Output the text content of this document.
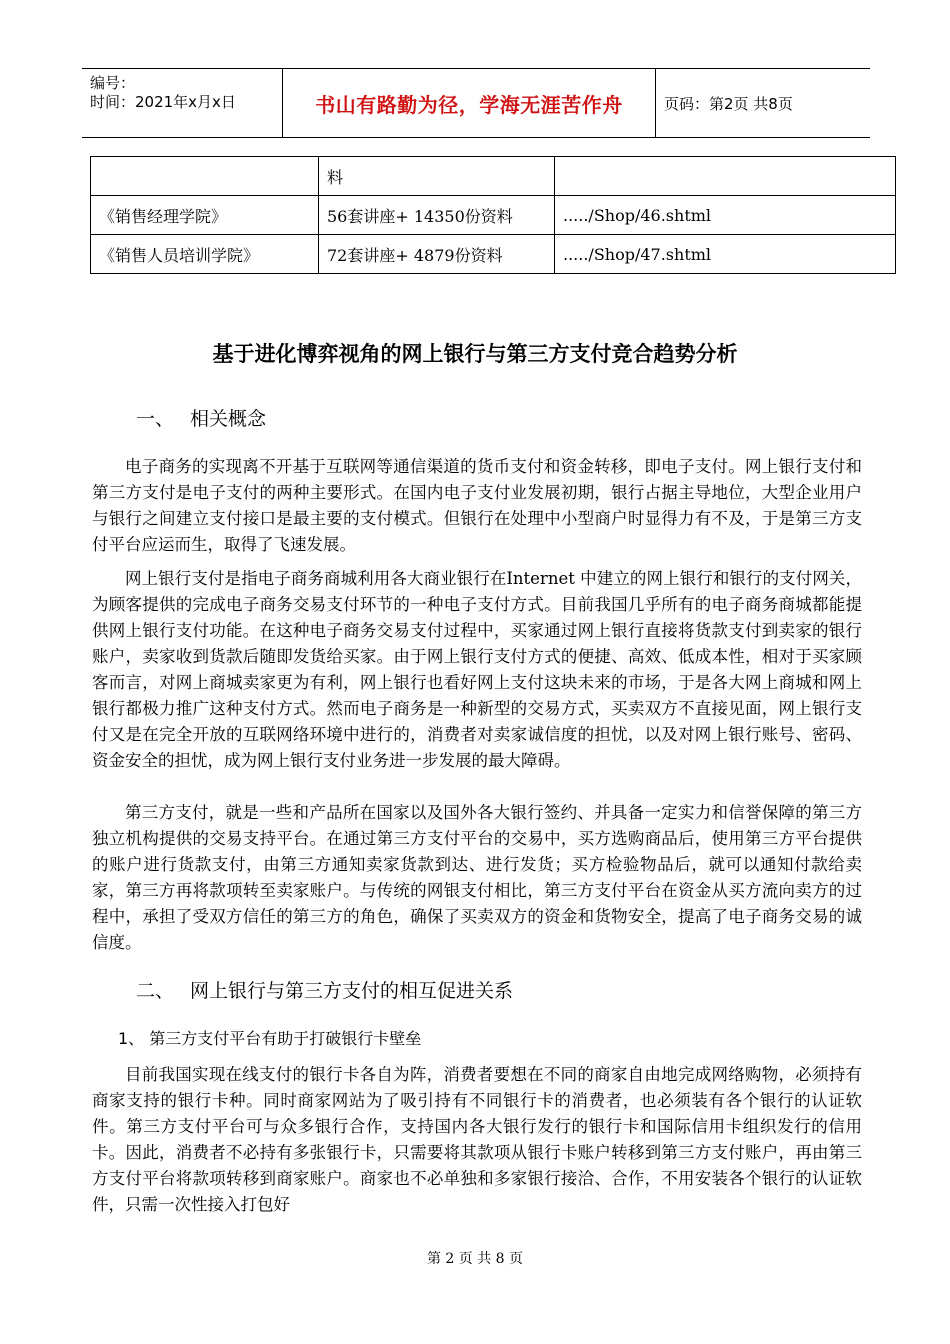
编号：
时间：2021年x月x日	书山有路勤为径，学海无涯苦作舟	页码：第2页 共8页
	料	
《销售经理学院》	56套讲座+ 14350份资料	...../Shop/46.shtml
《销售人员培训学院》	72套讲座+ 4879份资料	...../Shop/47.shtml
基于进化博弈视角的网上银行与第三方支付竞合趋势分析
一、 相关概念

电子商务的实现离不开基于互联网等通信渠道的货币支付和资金转移，即电子支付。网上银行支付和第三方支付是电子支付的两种主要形式。在国内电子支付业发展初期，银行占据主导地位，大型企业用户与银行之间建立支付接口是最主要的支付模式。但银行在处理中小型商户时显得力有不及，于是第三方支付平台应运而生，取得了飞速发展。

网上银行支付是指电子商务商城利用各大商业银行在Internet 中建立的网上银行和银行的支付网关，为顾客提供的完成电子商务交易支付环节的一种电子支付方式。目前我国几乎所有的电子商务商城都能提供网上银行支付功能。在这种电子商务交易支付过程中，买家通过网上银行直接将货款支付到卖家的银行账户，卖家收到货款后随即发货给买家。由于网上银行支付方式的便捷、高效、低成本性，相对于买家顾客而言，对网上商城卖家更为有利，网上银行也看好网上支付这块未来的市场，于是各大网上商城和网上银行都极力推广这种支付方式。然而电子商务是一种新型的交易方式，买卖双方不直接见面，网上银行支付又是在完全开放的互联网络环境中进行的，消费者对卖家诚信度的担忧，以及对网上银行账号、密码、资金安全的担忧，成为网上银行支付业务进一步发展的最大障碍。

第三方支付，就是一些和产品所在国家以及国外各大银行签约、并具备一定实力和信誉保障的第三方独立机构提供的交易支持平台。在通过第三方支付平台的交易中，买方选购商品后，使用第三方平台提供的账户进行货款支付，由第三方通知卖家货款到达、进行发货；买方检验物品后，就可以通知付款给卖家，第三方再将款项转至卖家账户。与传统的网银支付相比，第三方支付平台在资金从买方流向卖方的过程中，承担了受双方信任的第三方的角色，确保了买卖双方的资金和货物安全，提高了电子商务交易的诚信度。

二、 网上银行与第三方支付的相互促进关系
1、 第三方支付平台有助于打破银行卡壁垒

目前我国实现在线支付的银行卡各自为阵，消费者要想在不同的商家自由地完成网络购物，必须持有商家支持的银行卡种。同时商家网站为了吸引持有不同银行卡的消费者，也必须装有各个银行的认证软件。第三方支付平台可与众多银行合作，支持国内各大银行发行的银行卡和国际信用卡组织发行的信用卡。因此，消费者不必持有多张银行卡，只需要将其款项从银行卡账户转移到第三方支付账户，再由第三方支付平台将款项转移到商家账户。商家也不必单独和多家银行接洽、合作，不用安装各个银行的认证软件，只需一次性接入打包好

第 2 页 共 8 页
